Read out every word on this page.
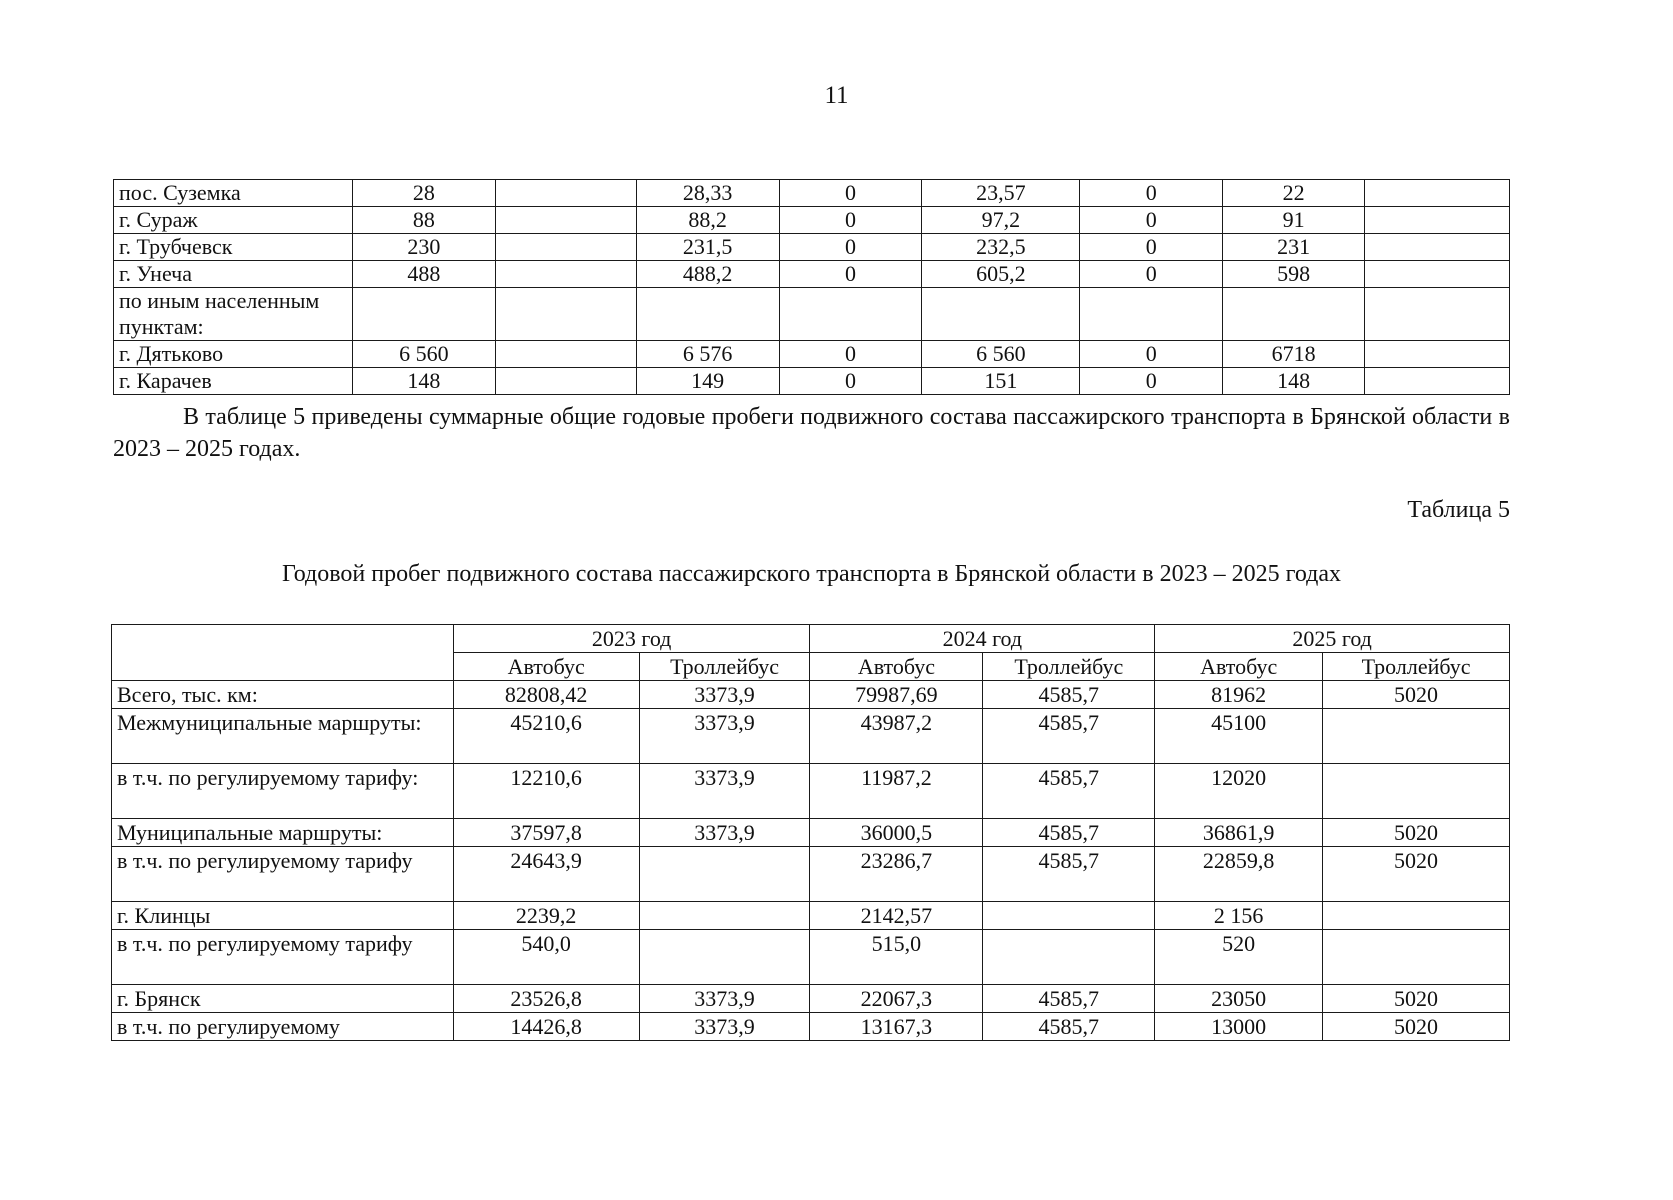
11
пос. Суземка	28		28,33	0	23,57	0	22	
г. Сураж	88		88,2	0	97,2	0	91	
г. Трубчевск	230		231,5	0	232,5	0	231	
г. Унеча	488		488,2	0	605,2	0	598	
по иным населенным пунктам:								
г. Дятьково	6 560		6 576	0	6 560	0	6718	
г. Карачев	148		149	0	151	0	148	
В таблице 5 приведены суммарные общие годовые пробеги подвижного состава пассажирского транспорта в Брянской области в 2023 – 2025 годах.
Таблица 5
Годовой пробег подвижного состава пассажирского транспорта в Брянской области в 2023 – 2025 годах
	2023 год		2024 год		2025 год	
	Автобус	Троллейбус	Автобус	Троллейбус	Автобус	Троллейбус
Всего, тыс. км:	82808,42	3373,9	79987,69	4585,7	81962	5020
Межмуниципальные маршруты:	45210,6	3373,9	43987,2	4585,7	45100	
в т.ч. по регулируемому тарифу:	12210,6	3373,9	11987,2	4585,7	12020	
Муниципальные маршруты:	37597,8	3373,9	36000,5	4585,7	36861,9	5020
в т.ч. по регулируемому тарифу	24643,9		23286,7	4585,7	22859,8	5020
г. Клинцы	2239,2		2142,57		2 156	
в т.ч. по регулируемому тарифу	540,0		515,0		520	
г. Брянск	23526,8	3373,9	22067,3	4585,7	23050	5020
в т.ч. по регулируемому	14426,8	3373,9	13167,3	4585,7	13000	5020
